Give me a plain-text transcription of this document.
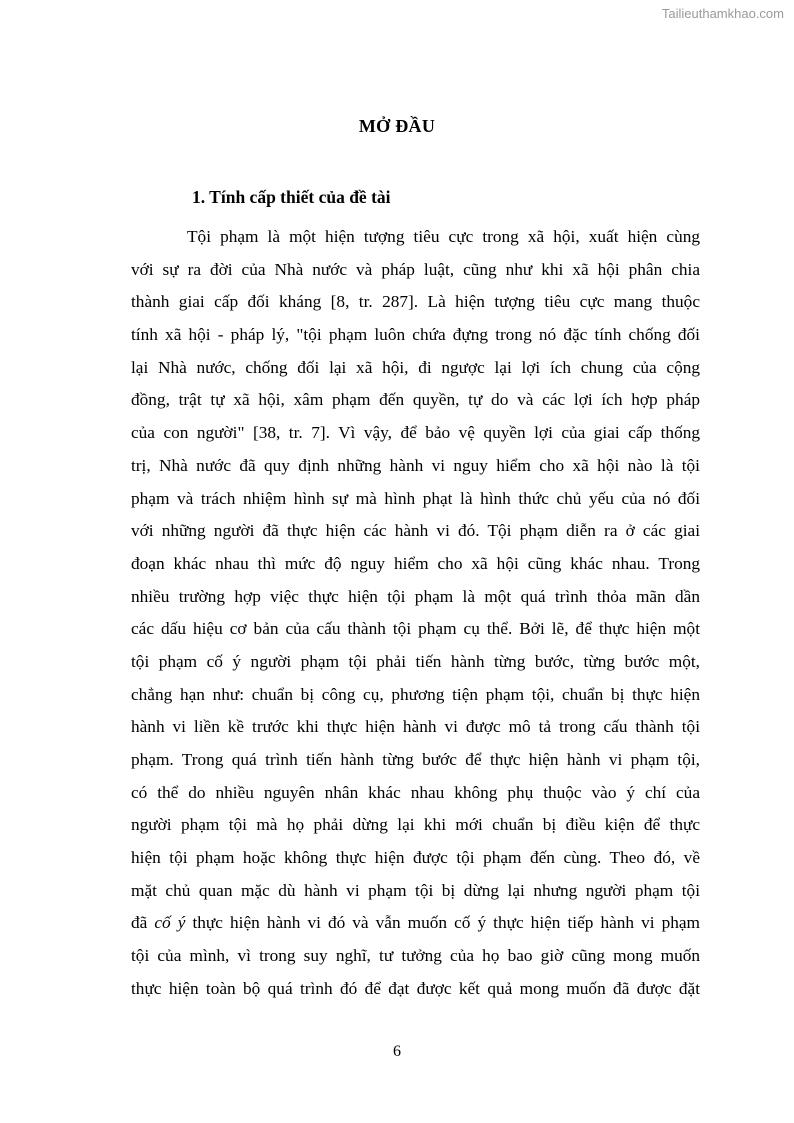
Tailieuthamkhao.com
MỞ ĐẦU
1. Tính cấp thiết của đề tài
Tội phạm là một hiện tượng tiêu cực trong xã hội, xuất hiện cùng
với sự ra đời của Nhà nước và pháp luật, cũng như khi xã hội phân chia
thành giai cấp đối kháng [8, tr. 287]. Là hiện tượng tiêu cực mang thuộc
tính xã hội - pháp lý, "tội phạm luôn chứa đựng trong nó đặc tính chống đối
lại Nhà nước, chống đối lại xã hội, đi ngược lại lợi ích chung của cộng
đồng, trật tự xã hội, xâm phạm đến quyền, tự do và các lợi ích hợp pháp
của con người" [38, tr. 7]. Vì vậy, để bảo vệ quyền lợi của giai cấp thống
trị, Nhà nước đã quy định những hành vi nguy hiểm cho xã hội nào là tội
phạm và trách nhiệm hình sự mà hình phạt là hình thức chủ yếu của nó đối
với những người đã thực hiện các hành vi đó. Tội phạm diễn ra ở các giai
đoạn khác nhau thì mức độ nguy hiểm cho xã hội cũng khác nhau. Trong
nhiều trường hợp việc thực hiện tội phạm là một quá trình thỏa mãn dần
các dấu hiệu cơ bản của cấu thành tội phạm cụ thể. Bởi lẽ, để thực hiện một
tội phạm cố ý người phạm tội phải tiến hành từng bước, từng bước một,
chẳng hạn như: chuẩn bị công cụ, phương tiện phạm tội, chuẩn bị thực hiện
hành vi liền kề trước khi thực hiện hành vi được mô tả trong cấu thành tội
phạm. Trong quá trình tiến hành từng bước để thực hiện hành vi phạm tội,
có thể do nhiều nguyên nhân khác nhau không phụ thuộc vào ý chí của
người phạm tội mà họ phải dừng lại khi mới chuẩn bị điều kiện để thực
hiện tội phạm hoặc không thực hiện được tội phạm đến cùng. Theo đó, về
mặt chủ quan mặc dù hành vi phạm tội bị dừng lại nhưng người phạm tội
đã cố ý thực hiện hành vi đó và vẫn muốn cố ý thực hiện tiếp hành vi phạm
tội của mình, vì trong suy nghĩ, tư tưởng của họ bao giờ cũng mong muốn
thực hiện toàn bộ quá trình đó để đạt được kết quả mong muốn đã được đặt
6
